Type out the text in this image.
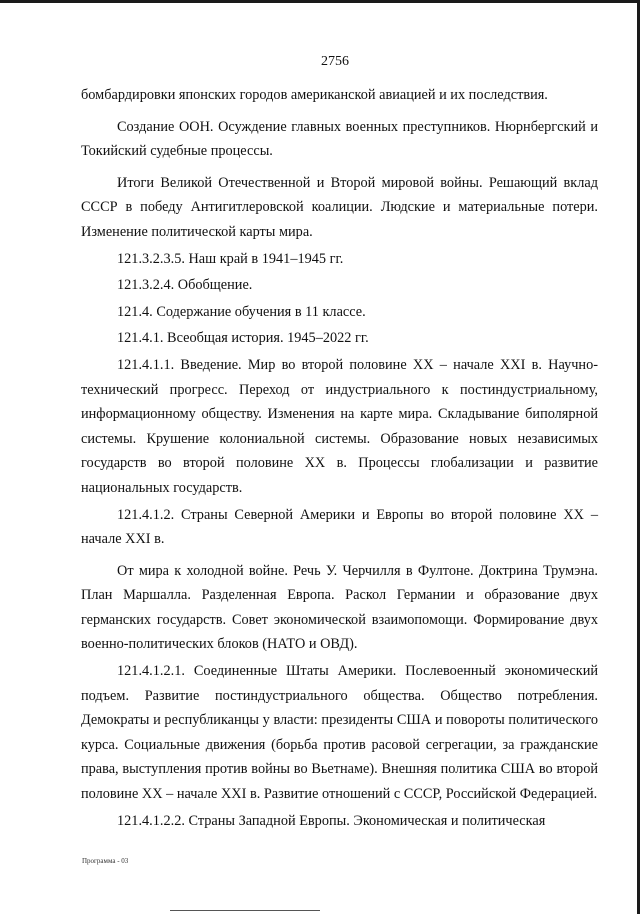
2756

бомбардировки японских городов американской авиацией и их последствия.

Создание ООН. Осуждение главных военных преступников. Нюрнбергский и Токийский судебные процессы.

Итоги Великой Отечественной и Второй мировой войны. Решающий вклад СССР в победу Антигитлеровской коалиции. Людские и материальные потери. Изменение политической карты мира.

121.3.2.3.5. Наш край в 1941–1945 гг.

121.3.2.4. Обобщение.

121.4. Содержание обучения в 11 классе.

121.4.1. Всеобщая история. 1945–2022 гг.

121.4.1.1. Введение. Мир во второй половине XX – начале XXI в. Научно-технический прогресс. Переход от индустриального к постиндустриальному, информационному обществу. Изменения на карте мира. Складывание биполярной системы. Крушение колониальной системы. Образование новых независимых государств во второй половине XX в. Процессы глобализации и развитие национальных государств.

121.4.1.2. Страны Северной Америки и Европы во второй половине XX – начале XXI в.

От мира к холодной войне. Речь У. Черчилля в Фултоне. Доктрина Трумэна. План Маршалла. Разделенная Европа. Раскол Германии и образование двух германских государств. Совет экономической взаимопомощи. Формирование двух военно-политических блоков (НАТО и ОВД).

121.4.1.2.1. Соединенные Штаты Америки. Послевоенный экономический подъем. Развитие постиндустриального общества. Общество потребления. Демократы и республиканцы у власти: президенты США и повороты политического курса. Социальные движения (борьба против расовой сегрегации, за гражданские права, выступления против войны во Вьетнаме). Внешняя политика США во второй половине XX – начале XXI в. Развитие отношений с СССР, Российской Федерацией.

121.4.1.2.2. Страны Западной Европы. Экономическая и политическая

Программа - 03
